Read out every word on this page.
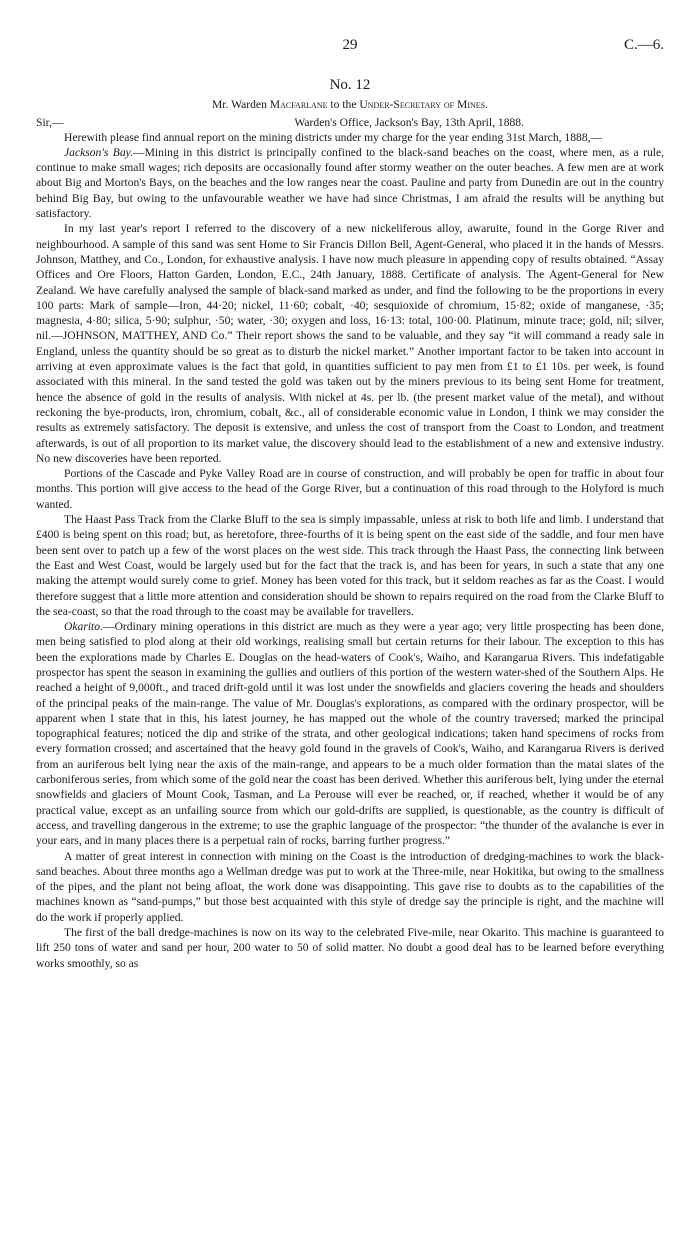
29	C.—6.
No. 12
Mr. Warden Macfarlane to the Under-Secretary of Mines.
Sir,—	Warden's Office, Jackson's Bay, 13th April, 1888.

Herewith please find annual report on the mining districts under my charge for the year ending 31st March, 1888,—

Jackson's Bay.—Mining in this district is principally confined to the black-sand beaches on the coast, where men, as a rule, continue to make small wages; rich deposits are occasionally found after stormy weather on the outer beaches. A few men are at work about Big and Morton's Bays, on the beaches and the low ranges near the coast. Pauline and party from Dunedin are out in the country behind Big Bay, but owing to the unfavourable weather we have had since Christmas, I am afraid the results will be anything but satisfactory.

In my last year's report I referred to the discovery of a new nickeliferous alloy, awaruite, found in the Gorge River and neighbourhood. A sample of this sand was sent Home to Sir Francis Dillon Bell, Agent-General, who placed it in the hands of Messrs. Johnson, Matthey, and Co., London, for exhaustive analysis. I have now much pleasure in appending copy of results obtained. “Assay Offices and Ore Floors, Hatton Garden, London, E.C., 24th January, 1888. Certificate of analysis. The Agent-General for New Zealand. We have carefully analysed the sample of black-sand marked as under, and find the following to be the proportions in every 100 parts: Mark of sample—Iron, 44·20; nickel, 11·60; cobalt, ·40; sesquioxide of chromium, 15·82; oxide of manganese, ·35; magnesia, 4·80; silica, 5·90; sulphur, ·50; water, ·30; oxygen and loss, 16·13: total, 100·00. Platinum, minute trace; gold, nil; silver, nil.—JOHNSON, MATTHEY, AND Co.” Their report shows the sand to be valuable, and they say “it will command a ready sale in England, unless the quantity should be so great as to disturb the nickel market.” Another important factor to be taken into account in arriving at even approximate values is the fact that gold, in quantities sufficient to pay men from £1 to £1 10s. per week, is found associated with this mineral. In the sand tested the gold was taken out by the miners previous to its being sent Home for treatment, hence the absence of gold in the results of analysis. With nickel at 4s. per lb. (the present market value of the metal), and without reckoning the bye-products, iron, chromium, cobalt, &c., all of considerable economic value in London, I think we may consider the results as extremely satisfactory. The deposit is extensive, and unless the cost of transport from the Coast to London, and treatment afterwards, is out of all proportion to its market value, the discovery should lead to the establishment of a new and extensive industry. No new discoveries have been reported.

Portions of the Cascade and Pyke Valley Road are in course of construction, and will probably be open for traffic in about four months. This portion will give access to the head of the Gorge River, but a continuation of this road through to the Holyford is much wanted.

The Haast Pass Track from the Clarke Bluff to the sea is simply impassable, unless at risk to both life and limb. I understand that £400 is being spent on this road; but, as heretofore, three-fourths of it is being spent on the east side of the saddle, and four men have been sent over to patch up a few of the worst places on the west side. This track through the Haast Pass, the connecting link between the East and West Coast, would be largely used but for the fact that the track is, and has been for years, in such a state that any one making the attempt would surely come to grief. Money has been voted for this track, but it seldom reaches as far as the Coast. I would therefore suggest that a little more attention and consideration should be shown to repairs required on the road from the Clarke Bluff to the sea-coast, so that the road through to the coast may be available for travellers.

Okarito.—Ordinary mining operations in this district are much as they were a year ago; very little prospecting has been done, men being satisfied to plod along at their old workings, realising small but certain returns for their labour. The exception to this has been the explorations made by Charles E. Douglas on the head-waters of Cook's, Waiho, and Karangarua Rivers. This indefatigable prospector has spent the season in examining the gullies and outliers of this portion of the western water-shed of the Southern Alps. He reached a height of 9,000ft., and traced drift-gold until it was lost under the snowfields and glaciers covering the heads and shoulders of the principal peaks of the main-range. The value of Mr. Douglas's explorations, as compared with the ordinary prospector, will be apparent when I state that in this, his latest journey, he has mapped out the whole of the country traversed; marked the principal topographical features; noticed the dip and strike of the strata, and other geological indications; taken hand specimens of rocks from every formation crossed; and ascertained that the heavy gold found in the gravels of Cook's, Waiho, and Karangarua Rivers is derived from an auriferous belt lying near the axis of the main-range, and appears to be a much older formation than the matai slates of the carboniferous series, from which some of the gold near the coast has been derived. Whether this auriferous belt, lying under the eternal snowfields and glaciers of Mount Cook, Tasman, and La Perouse will ever be reached, or, if reached, whether it would be of any practical value, except as an unfailing source from which our gold-drifts are supplied, is questionable, as the country is difficult of access, and travelling dangerous in the extreme; to use the graphic language of the prospector: “the thunder of the avalanche is ever in your ears, and in many places there is a perpetual rain of rocks, barring further progress.”

A matter of great interest in connection with mining on the Coast is the introduction of dredging-machines to work the black-sand beaches. About three months ago a Wellman dredge was put to work at the Three-mile, near Hokitika, but owing to the smallness of the pipes, and the plant not being afloat, the work done was disappointing. This gave rise to doubts as to the capabilities of the machines known as “sand-pumps,” but those best acquainted with this style of dredge say the principle is right, and the machine will do the work if properly applied.

The first of the ball dredge-machines is now on its way to the celebrated Five-mile, near Okarito. This machine is guaranteed to lift 250 tons of water and sand per hour, 200 water to 50 of solid matter. No doubt a good deal has to be learned before everything works smoothly, so as
